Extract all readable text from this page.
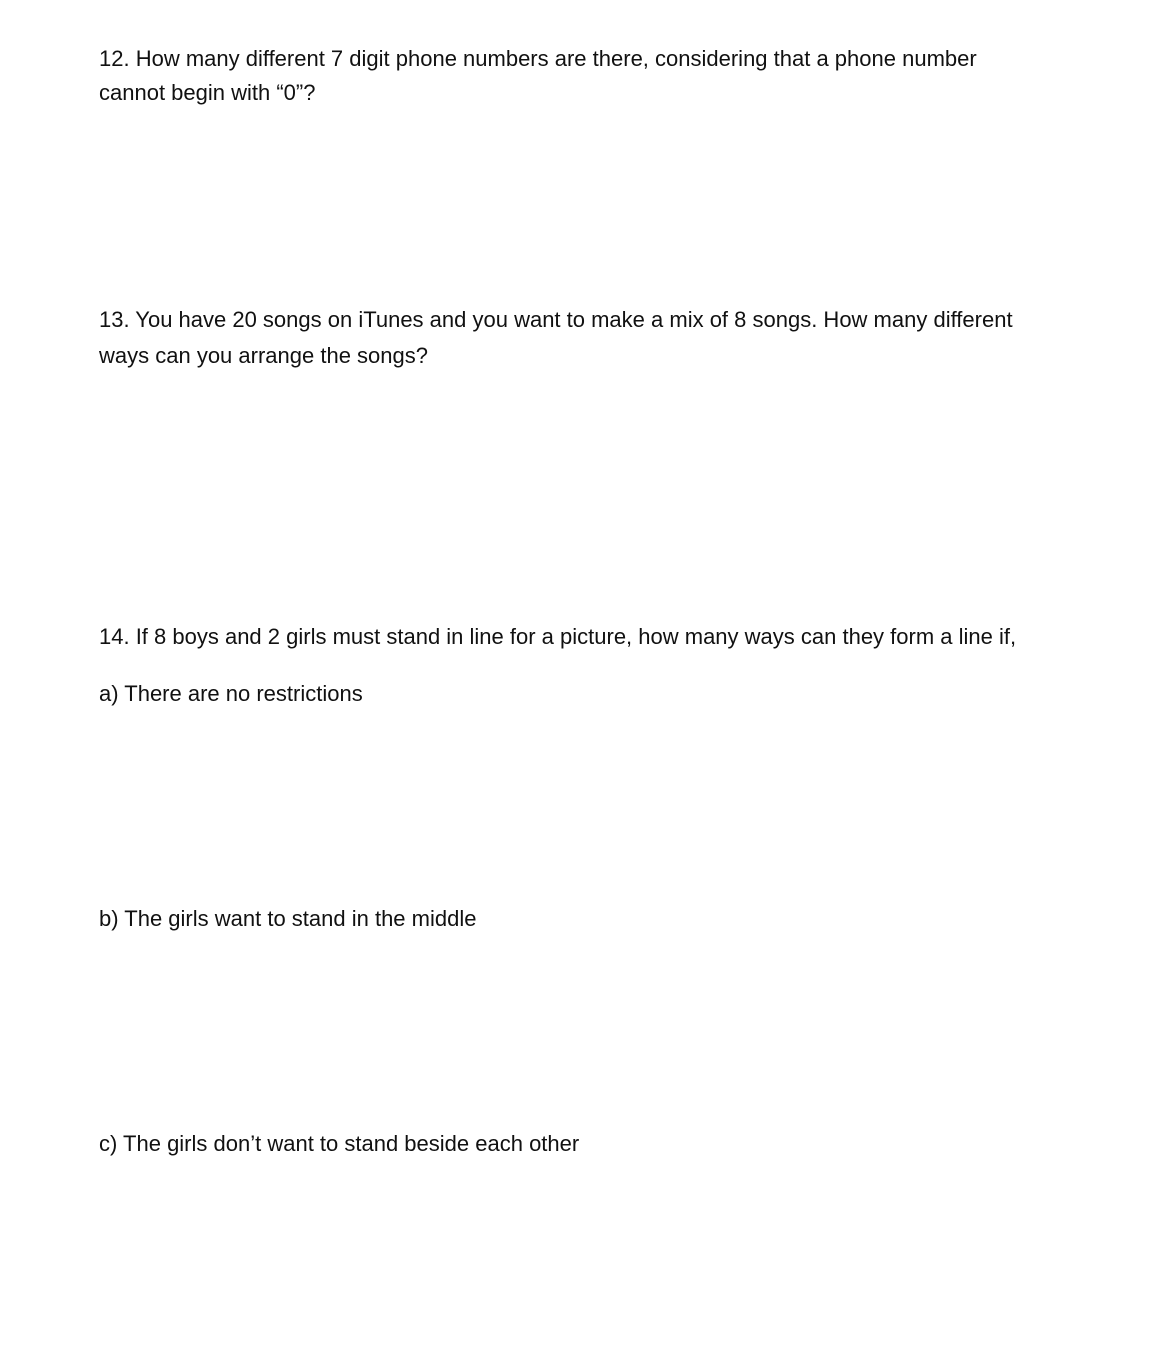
12. How many different 7 digit phone numbers are there, considering that a phone number
cannot begin with “0”?

13. You have 20 songs on iTunes and you want to make a mix of 8 songs. How many different
ways can you arrange the songs?

14. If 8 boys and 2 girls must stand in line for a picture, how many ways can they form a line if,

a) There are no restrictions

b) The girls want to stand in the middle

c) The girls don’t want to stand beside each other
